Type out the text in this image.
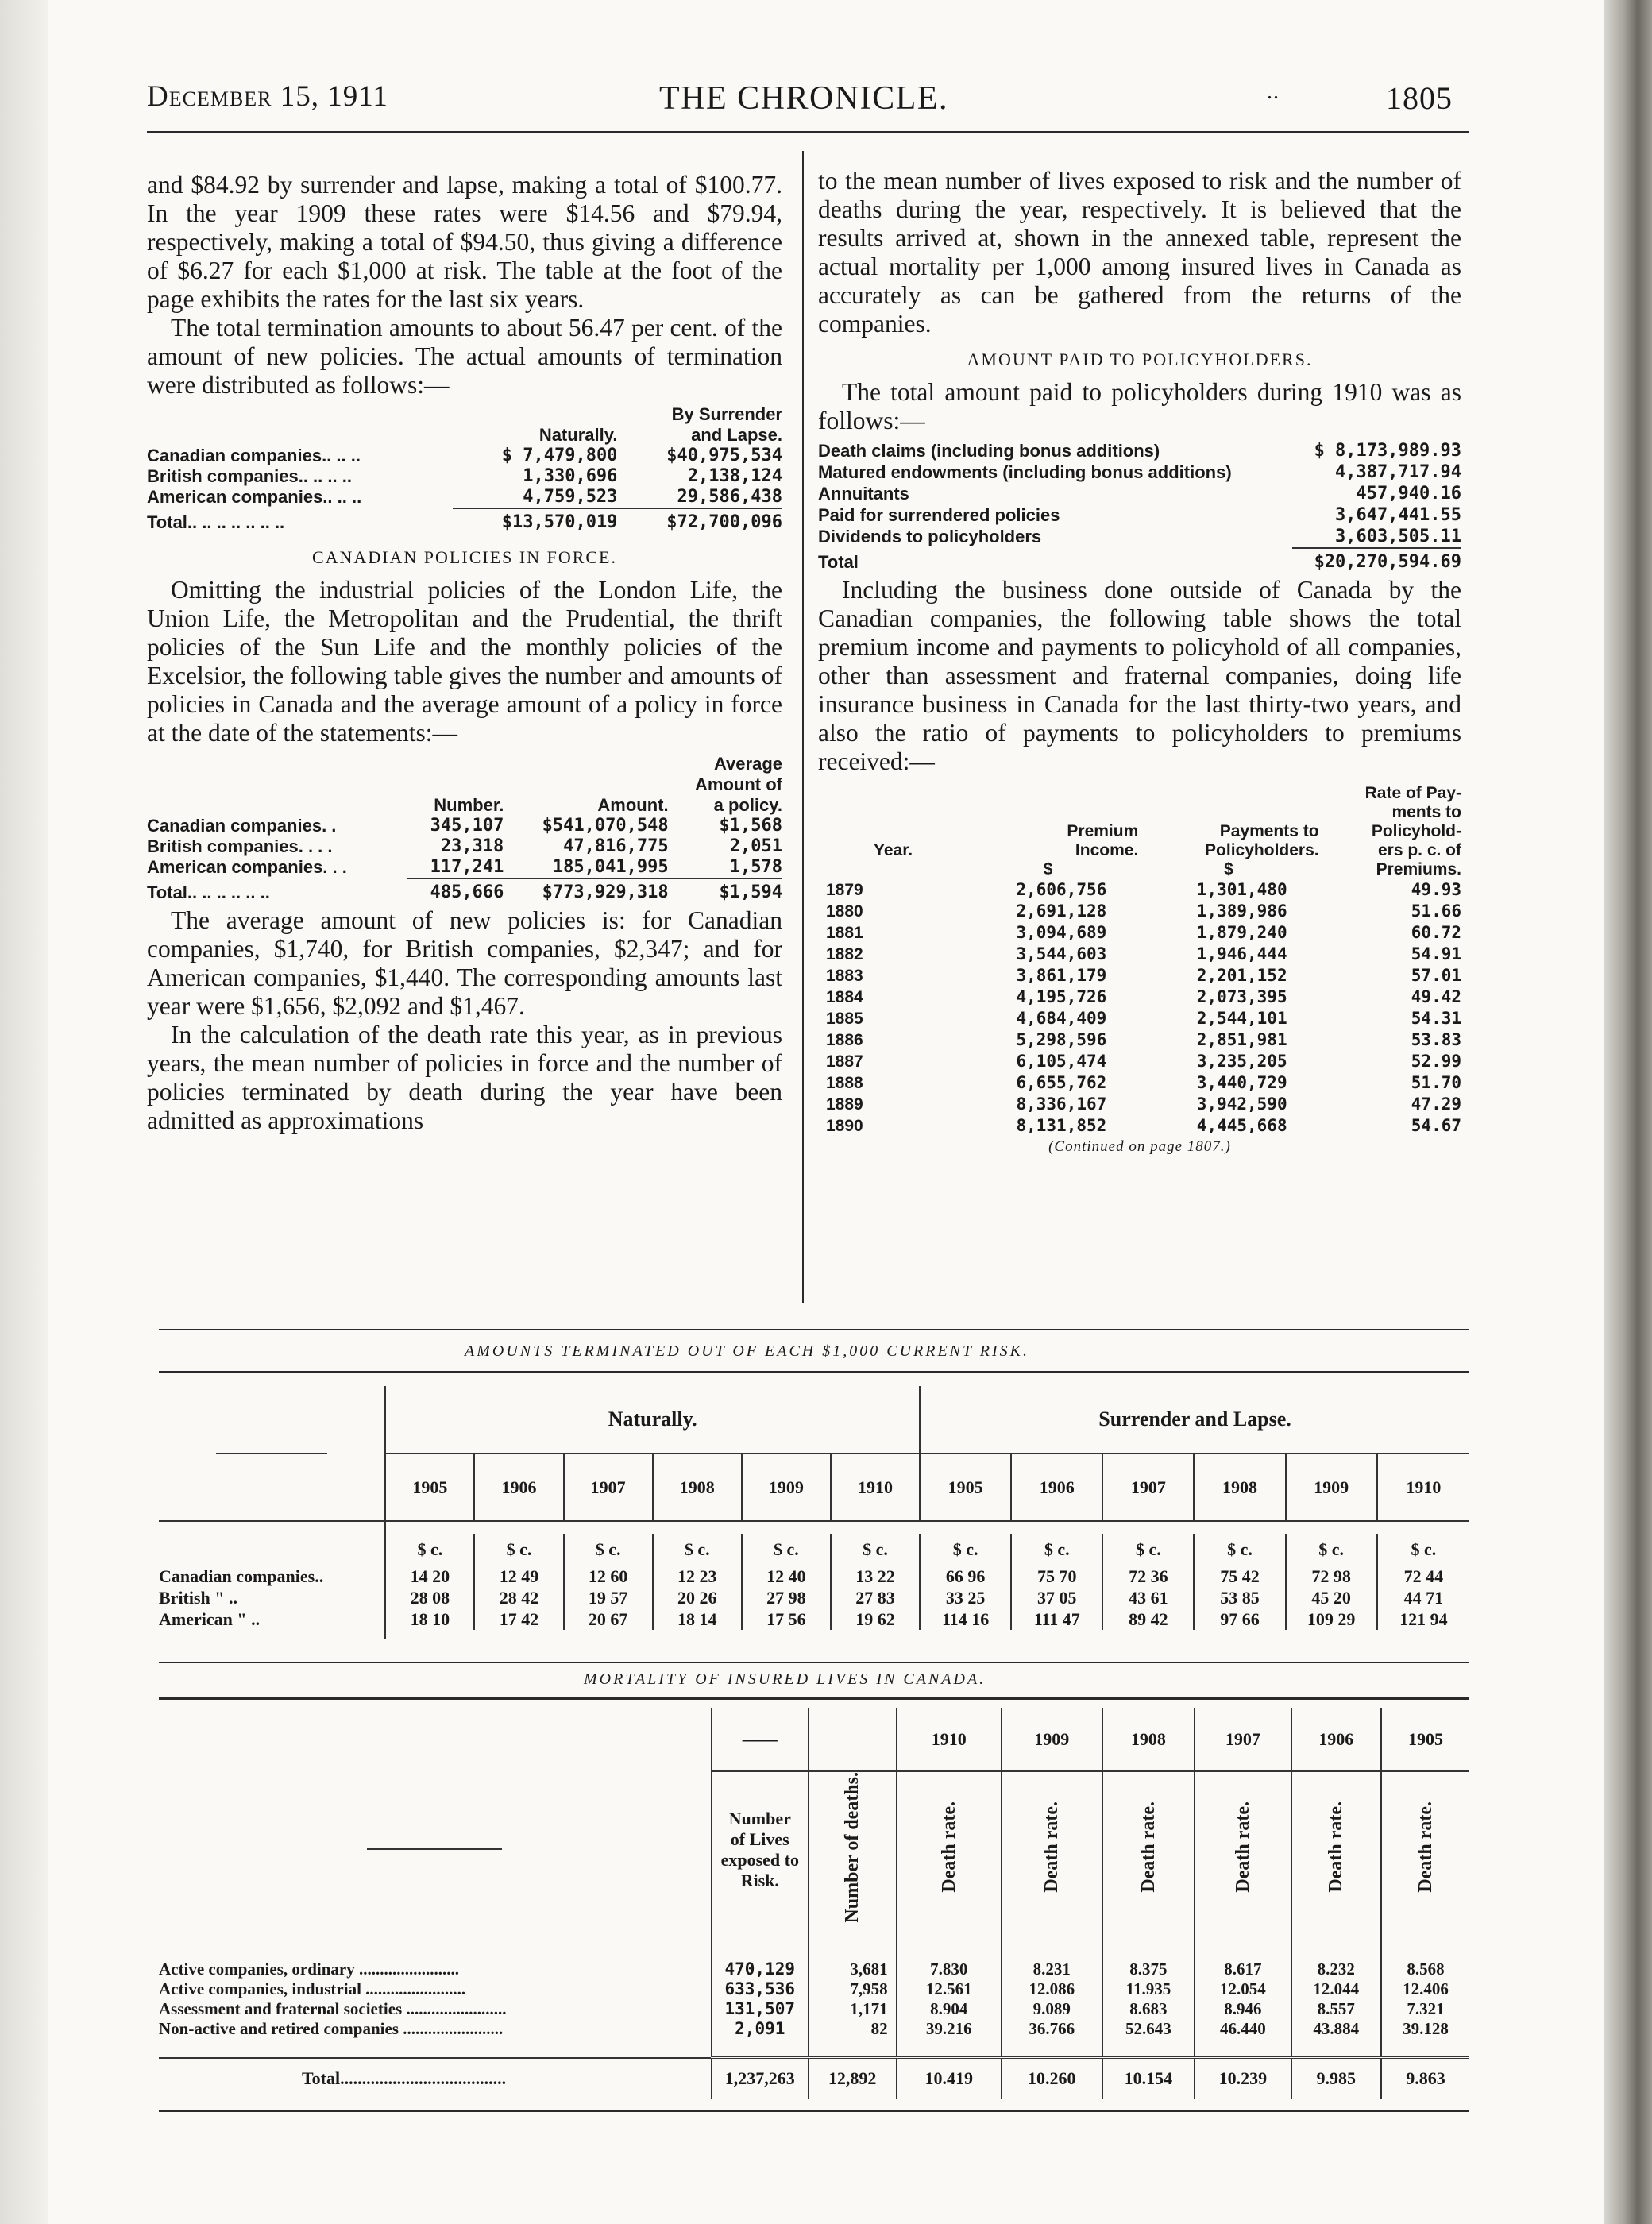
December 15, 1911	THE CHRONICLE.	..	1805

and $84.92 by surrender and lapse, making a total of $100.77. In the year 1909 these rates were $14.56 and $79.94, respectively, making a total of $94.50, thus giving a difference of $6.27 for each $1,000 at risk. The table at the foot of the page exhibits the rates for the last six years.

The total termination amounts to about 56.47 per cent. of the amount of new policies. The actual amounts of termination were distributed as follows:—

		By Surrender
	Naturally.	and Lapse.
Canadian companies.. .. ..	$ 7,479,800	$40,975,534
British companies.. .. .. ..	1,330,696	2,138,124
American companies.. .. ..	4,759,523	29,586,438

Total.. .. .. .. .. .. ..	$13,570,019	$72,700,096
CANADIAN POLICIES IN FORCE.

Omitting the industrial policies of the London Life, the Union Life, the Metropolitan and the Prudential, the thrift policies of the Sun Life and the monthly policies of the Excelsior, the following table gives the number and amounts of policies in Canada and the average amount of a policy in force at the date of the statements:—

			Average
			Amount of
	Number.	Amount.	a policy.
Canadian companies. .	345,107	$541,070,548	$1,568
British companies. . . .	23,318	47,816,775	2,051
American companies. . .	117,241	185,041,995	1,578

Total.. .. .. .. .. ..	485,666	$773,929,318	$1,594

The average amount of new policies is: for Canadian companies, $1,740, for British companies, $2,347; and for American companies, $1,440. The corresponding amounts last year were $1,656, $2,092 and $1,467.

In the calculation of the death rate this year, as in previous years, the mean number of policies in force and the number of policies terminated by death during the year have been admitted as approximations

to the mean number of lives exposed to risk and the number of deaths during the year, respectively. It is believed that the results arrived at, shown in the annexed table, represent the actual mortality per 1,000 among insured lives in Canada as accurately as can be gathered from the returns of the companies.

AMOUNT PAID TO POLICYHOLDERS.

The total amount paid to policyholders during 1910 was as follows:—

Death claims (including bonus additions)	$ 8,173,989.93
Matured endowments (including bonus additions)	4,387,717.94
Annuitants	457,940.16
Paid for surrendered policies	3,647,441.55
Dividends to policyholders	3,603,505.11

Total	$20,270,594.69

Including the business done outside of Canada by the Canadian companies, the following table shows the total premium income and payments to policyhold of all companies, other than assessment and fraternal companies, doing life insurance business in Canada for the last thirty-two years, and also the ratio of payments to policyholders to premiums received:—

			Rate of Pay-
			ments to
	Premium	Payments to	Policyhold-
Year.	Income.	Policyholders.	ers p. c. of
	$	$	Premiums.
1879	2,606,756	1,301,480	49.93
1880	2,691,128	1,389,986	51.66
1881	3,094,689	1,879,240	60.72
1882	3,544,603	1,946,444	54.91
1883	3,861,179	2,201,152	57.01
1884	4,195,726	2,073,395	49.42
1885	4,684,409	2,544,101	54.31
1886	5,298,596	2,851,981	53.83
1887	6,105,474	3,235,205	52.99
1888	6,655,762	3,440,729	51.70
1889	8,336,167	3,942,590	47.29
1890	8,131,852	4,445,668	54.67
(Continued on page 1807.)
AMOUNTS TERMINATED OUT OF EACH $1,000 CURRENT RISK.
	Naturally.						Surrender and Lapse.					
	1905	1906	1907	1908	1909	1910	1905	1906	1907	1908	1909	1910

	$ c.	$ c.	$ c.	$ c.	$ c.	$ c.	$ c.	$ c.	$ c.	$ c.	$ c.	$ c.
Canadian companies..	14 20	12 49	12 60	12 23	12 40	13 22	66 96	75 70	72 36	75 42	72 98	72 44
British " ..	28 08	28 42	19 57	20 26	27 98	27 83	33 25	37 05	43 61	53 85	45 20	44 71
American " ..	18 10	17 42	20 67	18 14	17 56	19 62	114 16	111 47	89 42	97 66	109 29	121 94

MORTALITY OF INSURED LIVES IN CANADA.
	——		1910	1909	1908	1907	1906	1905

	Number of Lives exposed to Risk.	Number of deaths.	Death rate.	Death rate.	Death rate.	Death rate.	Death rate.	Death rate.

Active companies, ordinary ........................	470,129	3,681	7.830	8.231	8.375	8.617	8.232	8.568
Active companies, industrial ........................	633,536	7,958	12.561	12.086	11.935	12.054	12.044	12.406
Assessment and fraternal societies ........................	131,507	1,171	8.904	9.089	8.683	8.946	8.557	7.321
Non-active and retired companies ........................	2,091	82	39.216	36.766	52.643	46.440	43.884	39.128

Total......................................	1,237,263	12,892	10.419	10.260	10.154	10.239	9.985	9.863
